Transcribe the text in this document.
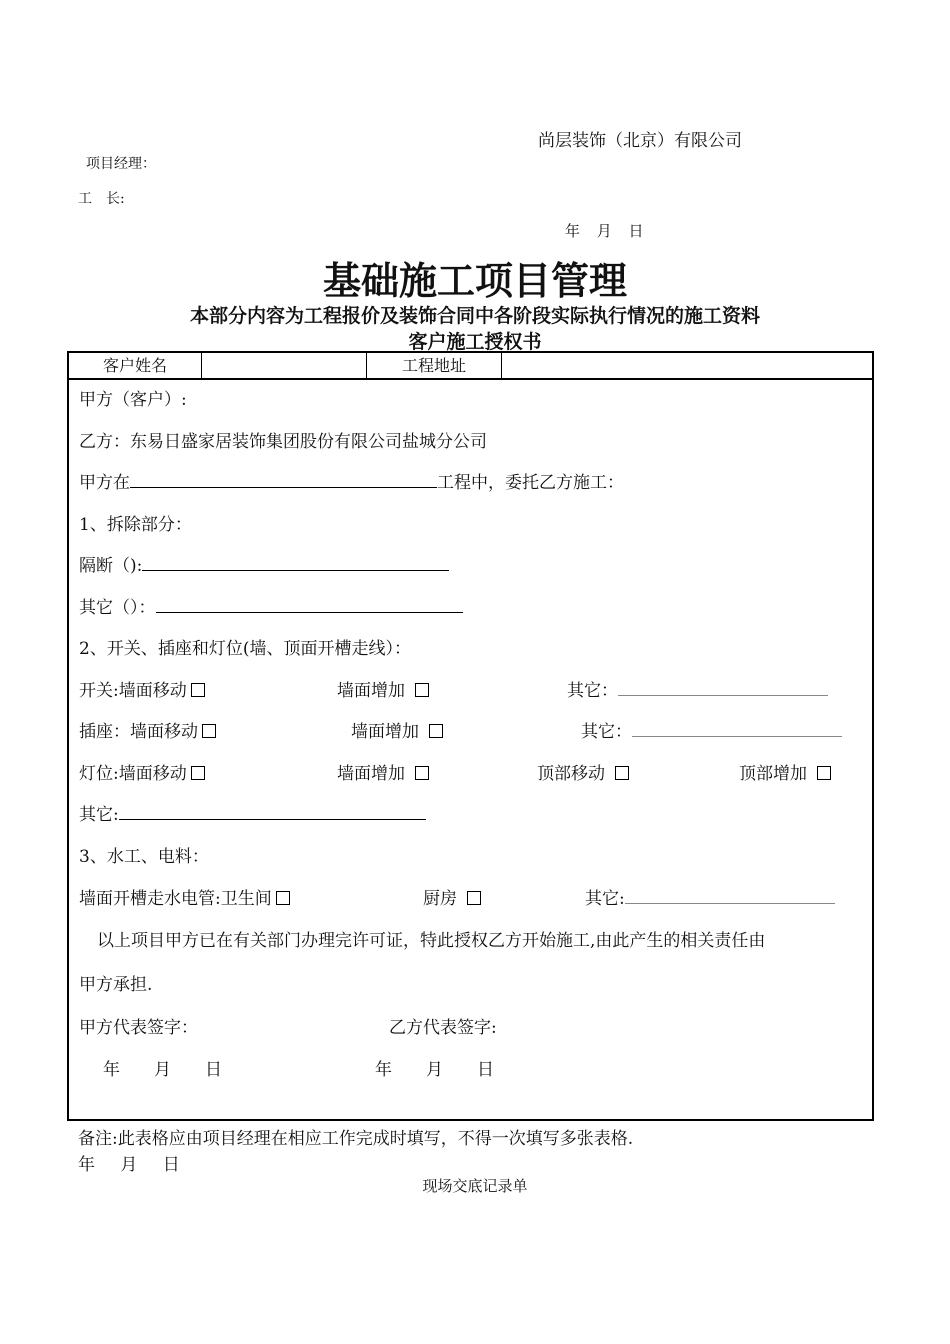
尚层装饰（北京）有限公司
项目经理：
工　长:
年 月 日
基础施工项目管理
本部分内容为工程报价及装饰合同中各阶段实际执行情况的施工资料
客户施工授权书
客户姓名	工程地址
甲方（客户）:
乙方：东易日盛家居装饰集团股份有限公司盐城分公司
甲方在	工程中，委托乙方施工：
1、拆除部分：
隔断（):
其它（）：
2、开关、插座和灯位(墙、顶面开槽走线）：
开关:墙面移动	墙面增加	其它：
插座：墙面移动	墙面增加	其它：
灯位:墙面移动	墙面增加	顶部移动	顶部增加
其它:
3、水工、电料：
墙面开槽走水电管:卫生间	厨房	其它:
以上项目甲方已在有关部门办理完许可证，特此授权乙方开始施工,由此产生的相关责任由
甲方承担.
甲方代表签字：	乙方代表签字:
年　　月　　日	年　　月　　日
备注:此表格应由项目经理在相应工作完成时填写，不得一次填写多张表格.
年 月 日
现场交底记录单
